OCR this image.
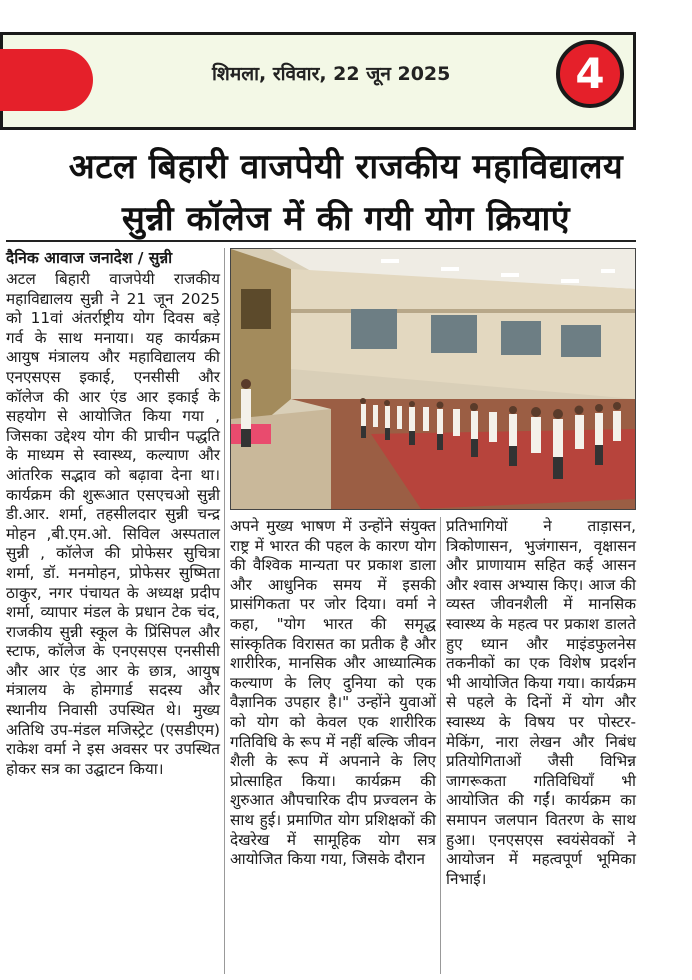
शिमला, रविवार, 22 जून 2025	4
अटल बिहारी वाजपेयी राजकीय महाविद्यालय
सुन्नी कॉलेज में की गयी योग क्रियाएं
दैनिक आवाज जनादेश / सुन्नी
अटल बिहारी वाजपेयी राजकीय महाविद्यालय सुन्नी ने 21 जून 2025 को 11वां अंतर्राष्ट्रीय योग दिवस बड़े गर्व के साथ मनाया। यह कार्यक्रम आयुष मंत्रालय और महाविद्यालय की एनएसएस इकाई, एनसीसी और कॉलेज की आर एंड आर इकाई के सहयोग से आयोजित किया गया , जिसका उद्देश्य योग की प्राचीन पद्धति के माध्यम से स्वास्थ्य, कल्याण और आंतरिक सद्भाव को बढ़ावा देना था। कार्यक्रम की शुरूआत एसएचओ सुन्नी डी.आर. शर्मा, तहसीलदार सुन्नी चन्द्र मोहन ,बी.एम.ओ. सिविल अस्पताल सुन्नी , कॉलेज की प्रोफेसर सुचित्रा शर्मा, डॉ. मनमोहन, प्रोफेसर सुष्मिता ठाकुर, नगर पंचायत के अध्यक्ष प्रदीप शर्मा, व्यापार मंडल के प्रधान टेक चंद, राजकीय सुन्नी स्कूल के प्रिंसिपल और स्टाफ, कॉलेज के एनएसएस एनसीसी और आर एंड आर के छात्र, आयुष मंत्रालय के होमगार्ड सदस्य और स्थानीय निवासी उपस्थित थे। मुख्य अतिथि उप-मंडल मजिस्ट्रेट (एसडीएम) राकेश वर्मा ने इस अवसर पर उपस्थित होकर सत्र का उद्घाटन किया।
अपने मुख्य भाषण में उन्होंने संयुक्त राष्ट्र में भारत की पहल के कारण योग की वैश्विक मान्यता पर प्रकाश डाला और आधुनिक समय में इसकी प्रासंगिकता पर जोर दिया। वर्मा ने कहा, "योग भारत की समृद्ध सांस्कृतिक विरासत का प्रतीक है और शारीरिक, मानसिक और आध्यात्मिक कल्याण के लिए दुनिया को एक वैज्ञानिक उपहार है।" उन्होंने युवाओं को योग को केवल एक शारीरिक गतिविधि के रूप में नहीं बल्कि जीवन शैली के रूप में अपनाने के लिए प्रोत्साहित किया। कार्यक्रम की शुरुआत औपचारिक दीप प्रज्वलन के साथ हुई। प्रमाणित योग प्रशिक्षकों की देखरेख में सामूहिक योग सत्र आयोजित किया गया, जिसके दौरान
प्रतिभागियों ने ताड़ासन, त्रिकोणासन, भुजंगासन, वृक्षासन और प्राणायाम सहित कई आसन और श्वास अभ्यास किए। आज की व्यस्त जीवनशैली में मानसिक स्वास्थ्य के महत्व पर प्रकाश डालते हुए ध्यान और माइंडफुलनेस तकनीकों का एक विशेष प्रदर्शन भी आयोजित किया गया। कार्यक्रम से पहले के दिनों में योग और स्वास्थ्य के विषय पर पोस्टर-मेकिंग, नारा लेखन और निबंध प्रतियोगिताओं जैसी विभिन्न जागरूकता गतिविधियाँ भी आयोजित की गईं। कार्यक्रम का समापन जलपान वितरण के साथ हुआ। एनएसएस स्वयंसेवकों ने आयोजन में महत्वपूर्ण भूमिका निभाई।
